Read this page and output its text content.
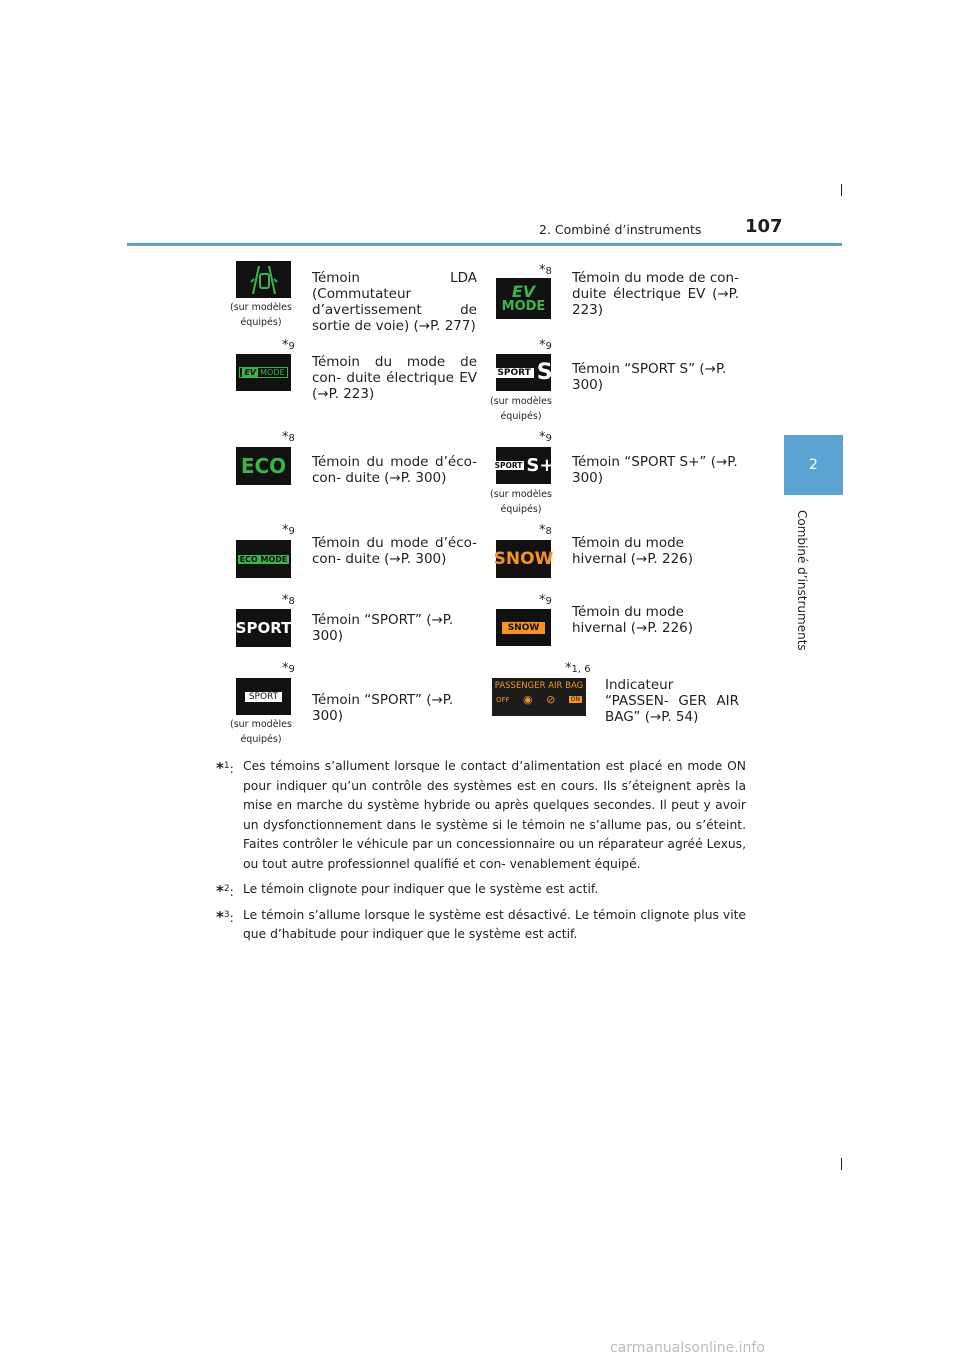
2. Combiné d’instruments 107
2
Combiné d’instruments
(sur modèles équipés)
Témoin LDA (Commutateur d’avertissement de sortie de voie) (→P. 277)
*8
EV
MODE
Témoin du mode de con- duite électrique EV (→P. 223)
*9
EV MODE
Témoin du mode de con- duite électrique EV (→P. 223)
*9
SPORT S
(sur modèles équipés)
Témoin “SPORT S” (→P. 300)
*8
ECO Témoin du mode d’éco-con- duite (→P. 300)
*9
SPORT S+
(sur modèles équipés)
Témoin “SPORT S+” (→P. 300)
*9
ECO MODE
Témoin du mode d’éco-con- duite (→P. 300)
*8
SNOW
Témoin du mode hivernal (→P. 226)
*8
SPORT Témoin “SPORT” (→P. 300)
*9
SNOW
Témoin du mode hivernal (→P. 226)
*9
SPORT
(sur modèles équipés)
Témoin “SPORT” (→P. 300)
*1, 6
PASSENGER AIR BAG
OFF ◉ ⊘	ON
Indicateur “PASSEN- GER AIR BAG” (→P. 54)
*$^1$: Ces témoins s’allument lorsque le contact d’alimentation est placé en mode ON pour indiquer qu’un contrôle des systèmes est en cours. Ils s’éteignent après la mise en marche du système hybride ou après quelques secondes. Il peut y avoir un dysfonctionnement dans le système si le témoin ne s’allume pas, ou s’éteint. Faites contrôler le véhicule par un concessionnaire ou un réparateur agréé Lexus, ou tout autre professionnel qualifié et con- venablement équipé.
*$^2$: Le témoin clignote pour indiquer que le système est actif.
*$^3$: Le témoin s’allume lorsque le système est désactivé. Le témoin clignote plus vite que d’habitude pour indiquer que le système est actif.
carmanualsonline.info
